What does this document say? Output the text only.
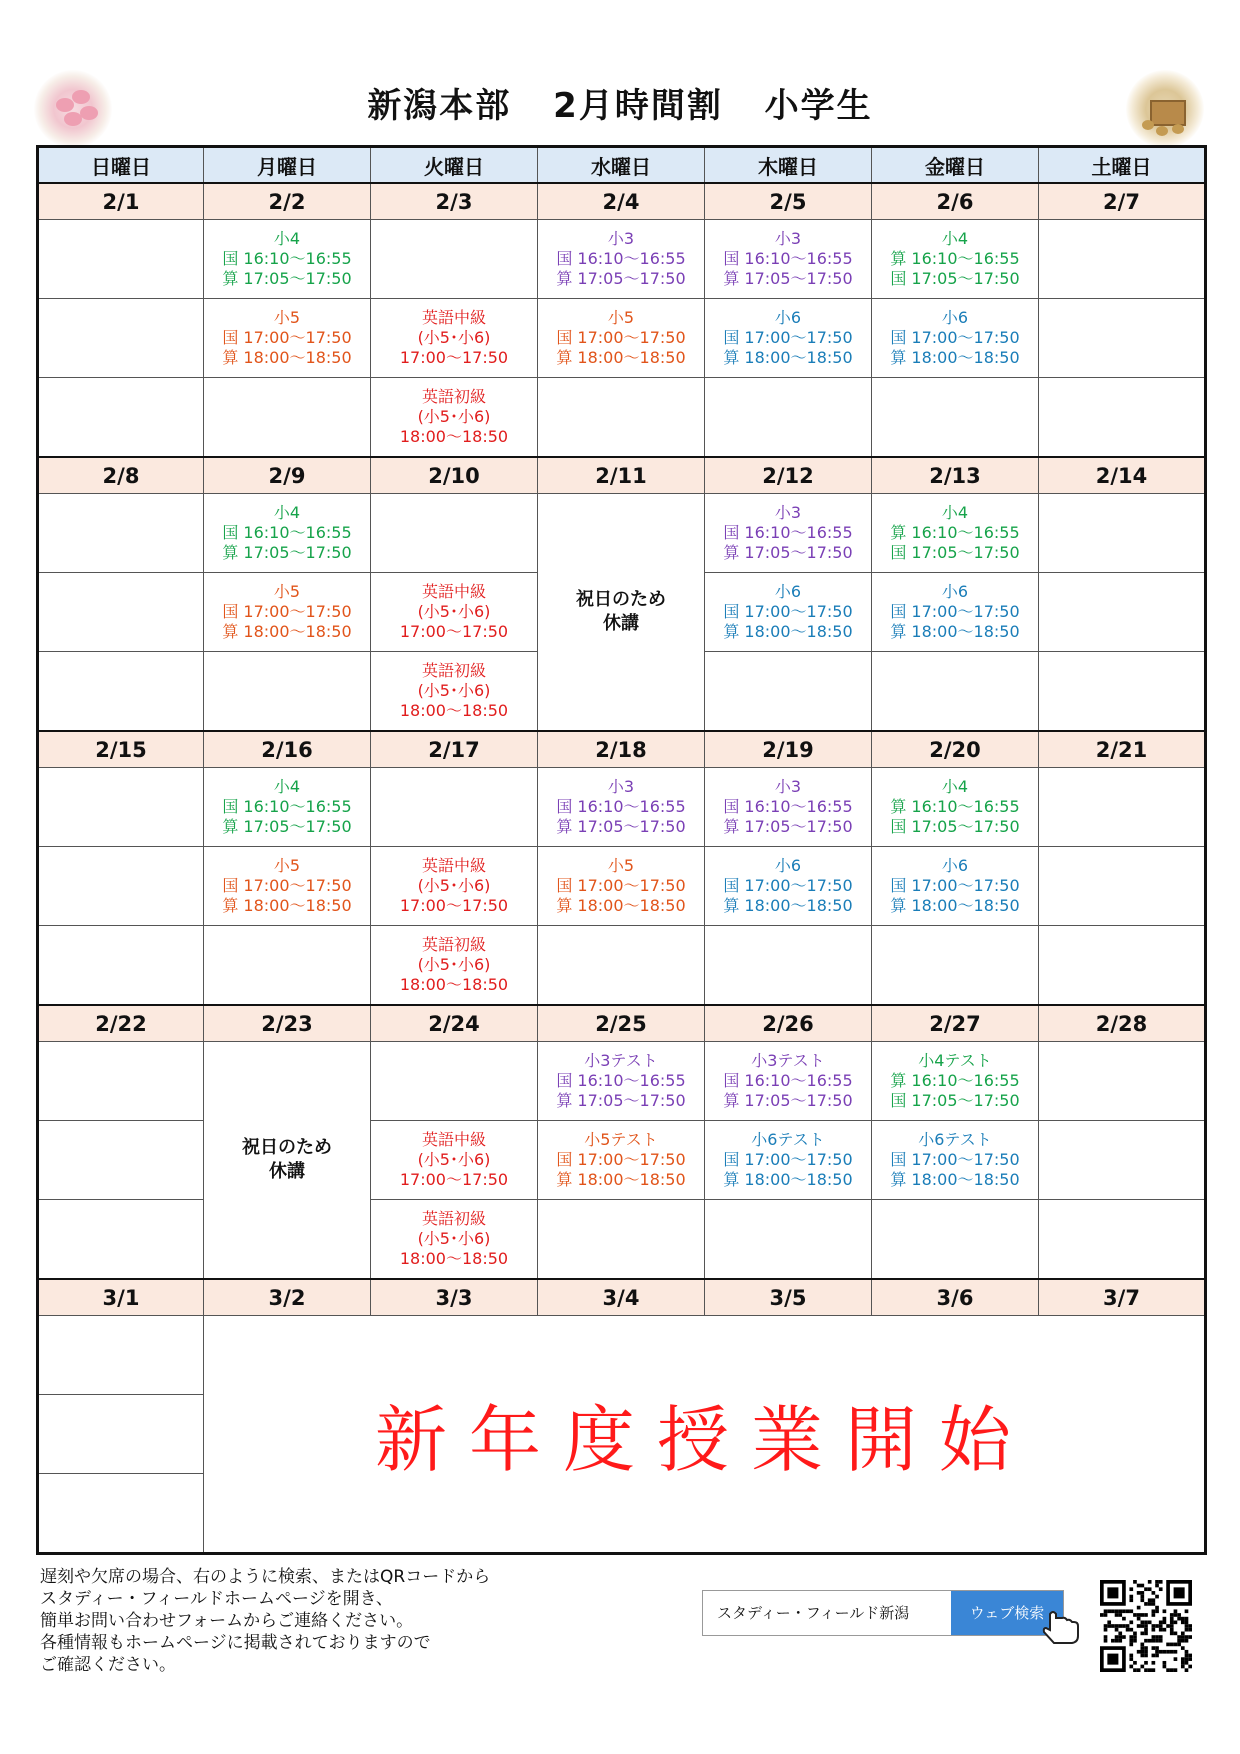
新潟本部 2月時間割 小学生
日曜日	月曜日	火曜日	水曜日	木曜日	金曜日	土曜日
2/1	2/2	2/3	2/4	2/5	2/6	2/7

	小4
国 16:10～16:55
算 17:05～17:50		小3
国 16:10～16:55
算 17:05～17:50	小3
国 16:10～16:55
算 17:05～17:50	小4
算 16:10～16:55
国 17:05～17:50	

	小5
国 17:00～17:50
算 18:00～18:50	英語中級
(小5･小6)
17:00～17:50	小5
国 17:00～17:50
算 18:00～18:50	小6
国 17:00～17:50
算 18:00～18:50	小6
国 17:00～17:50
算 18:00～18:50	

		英語初級
(小5･小6)
18:00～18:50				

2/8	2/9	2/10	2/11	2/12	2/13	2/14

	小4
国 16:10～16:55
算 17:05～17:50		祝日のため
休講	小3
国 16:10～16:55
算 17:05～17:50	小4
算 16:10～16:55
国 17:05～17:50	

	小5
国 17:00～17:50
算 18:00～18:50	英語中級
(小5･小6)
17:00～17:50		小6
国 17:00～17:50
算 18:00～18:50	小6
国 17:00～17:50
算 18:00～18:50	

		英語初級
(小5･小6)
18:00～18:50				

2/15	2/16	2/17	2/18	2/19	2/20	2/21

	小4
国 16:10～16:55
算 17:05～17:50		小3
国 16:10～16:55
算 17:05～17:50	小3
国 16:10～16:55
算 17:05～17:50	小4
算 16:10～16:55
国 17:05～17:50	

	小5
国 17:00～17:50
算 18:00～18:50	英語中級
(小5･小6)
17:00～17:50	小5
国 17:00～17:50
算 18:00～18:50	小6
国 17:00～17:50
算 18:00～18:50	小6
国 17:00～17:50
算 18:00～18:50	

		英語初級
(小5･小6)
18:00～18:50				

2/22	2/23	2/24	2/25	2/26	2/27	2/28

	祝日のため
休講		小3テスト
国 16:10～16:55
算 17:05～17:50	小3テスト
国 16:10～16:55
算 17:05～17:50	小4テスト
算 16:10～16:55
国 17:05～17:50	

		英語中級
(小5･小6)
17:00～17:50	小5テスト
国 17:00～17:50
算 18:00～18:50	小6テスト
国 17:00～17:50
算 18:00～18:50	小6テスト
国 17:00～17:50
算 18:00～18:50	

		英語初級
(小5･小6)
18:00～18:50				

3/1	3/2	3/3	3/4	3/5	3/6	3/7
	新年度授業開始					

遅刻や欠席の場合、右のように検索、またはQRコードから
スタディー・フィールドホームページを開き、
簡単お問い合わせフォームからご連絡ください。
各種情報もホームページに掲載されておりますので
ご確認ください。
スタディー・フィールド新潟	ウェブ検索
